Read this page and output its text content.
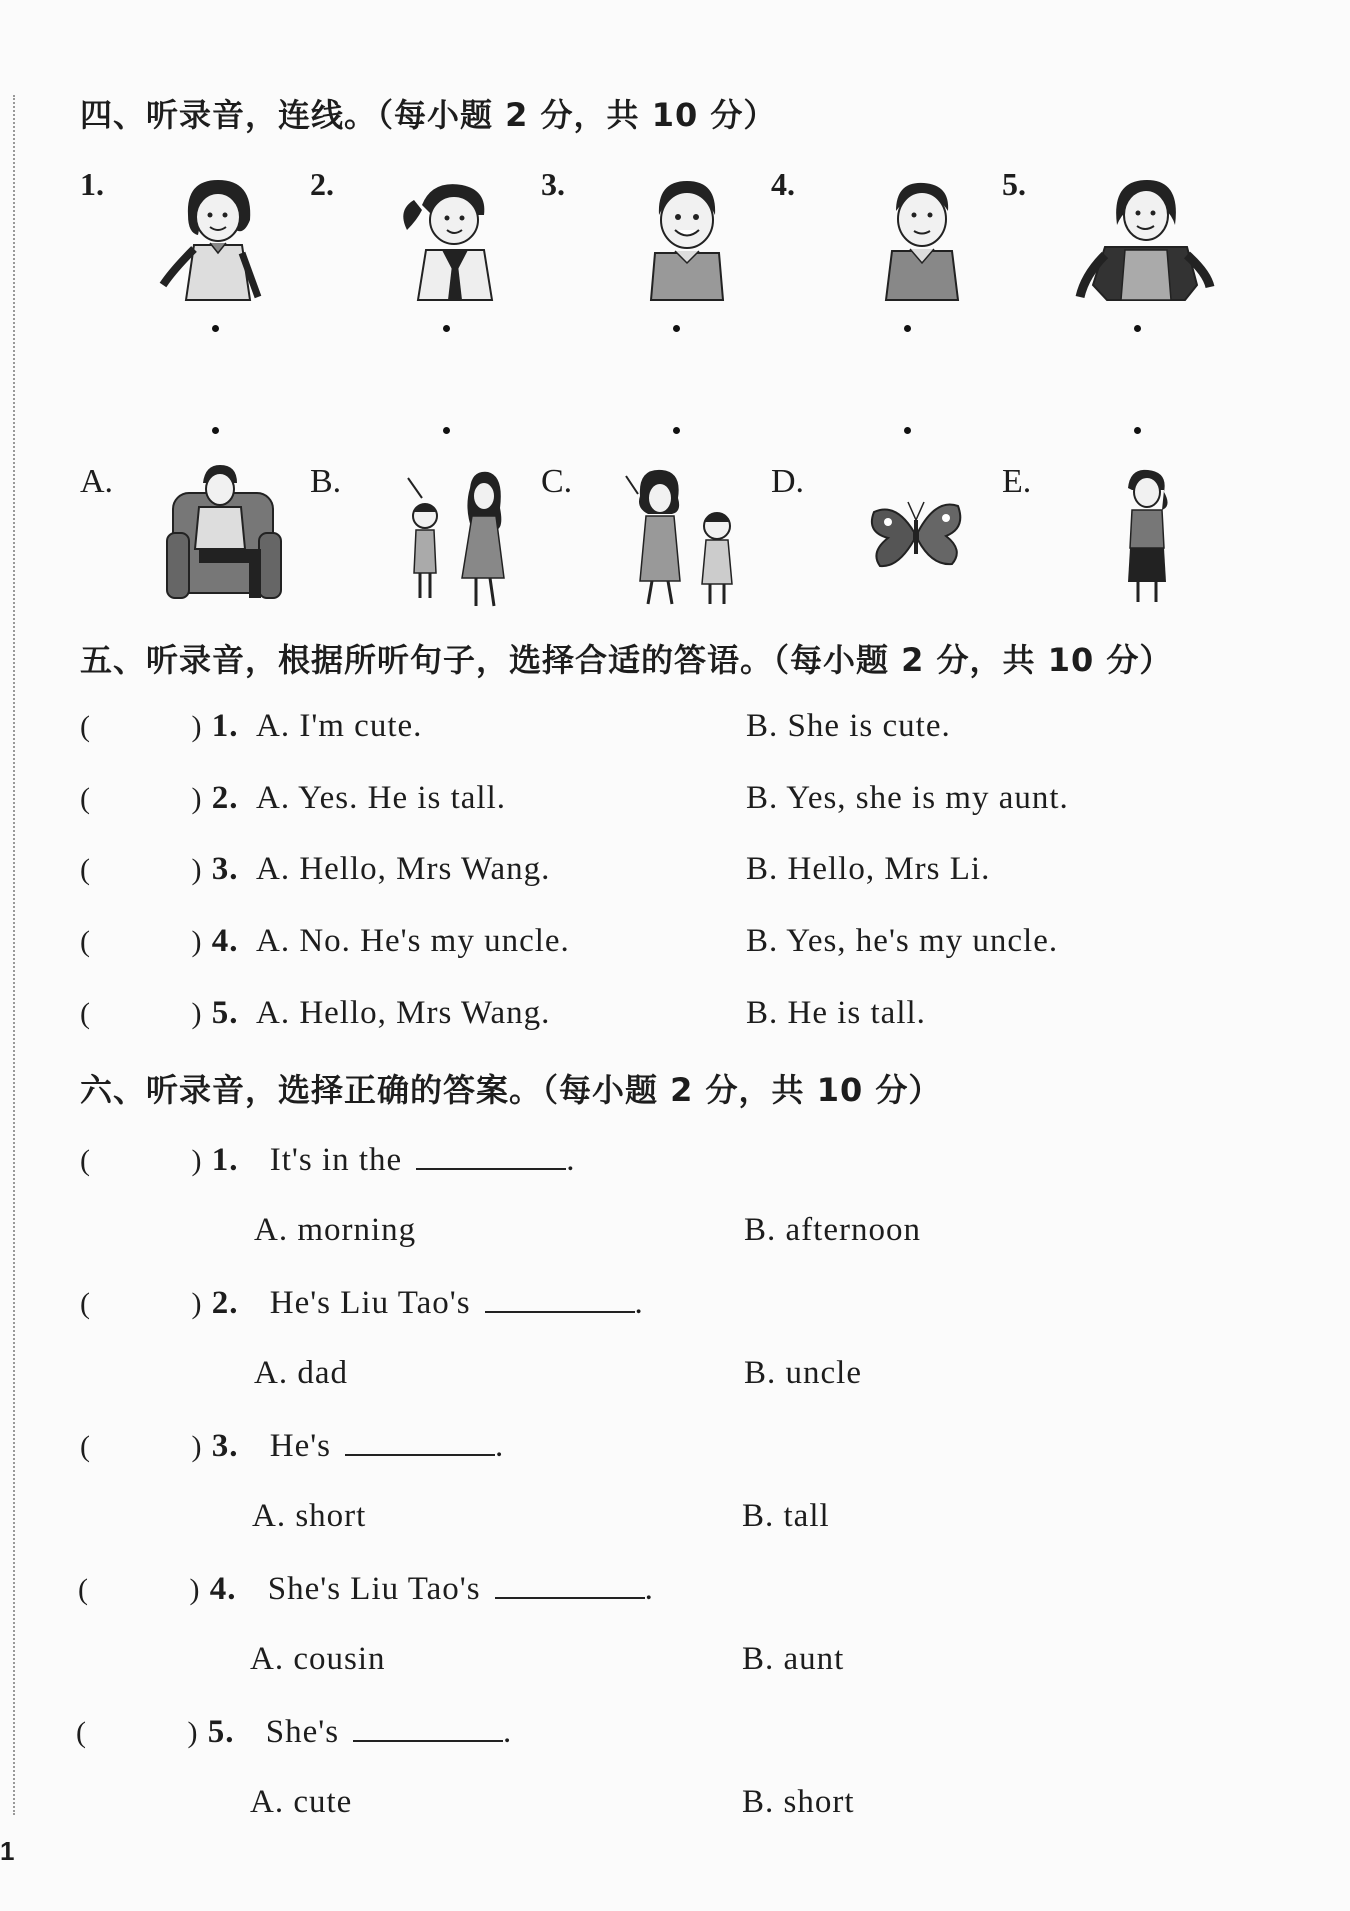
1
四、听录音，连线。（每小题 2 分，共 10 分）
1.	2.	3.	4.	5.
A.	B.	C.	D.	E.
五、听录音，根据所听句子，选择合适的答语。（每小题 2 分，共 10 分）
(	) 1. A. I'm cute.	B. She is cute.
(	) 2. A. Yes. He is tall.	B. Yes, she is my aunt.
(	) 3. A. Hello, Mrs Wang.	B. Hello, Mrs Li.
(	) 4. A. No. He's my uncle.	B. Yes, he's my uncle.
(	) 5. A. Hello, Mrs Wang.	B. He is tall.
六、听录音，选择正确的答案。（每小题 2 分，共 10 分）
(	) 1. It's in the	.
A. morning	B. afternoon
(	) 2. He's Liu Tao's	.
A. dad	B. uncle
(	) 3. He's	.
A. short	B. tall
(	) 4. She's Liu Tao's	.
A. cousin	B. aunt
(	) 5. She's	.
A. cute	B. short
